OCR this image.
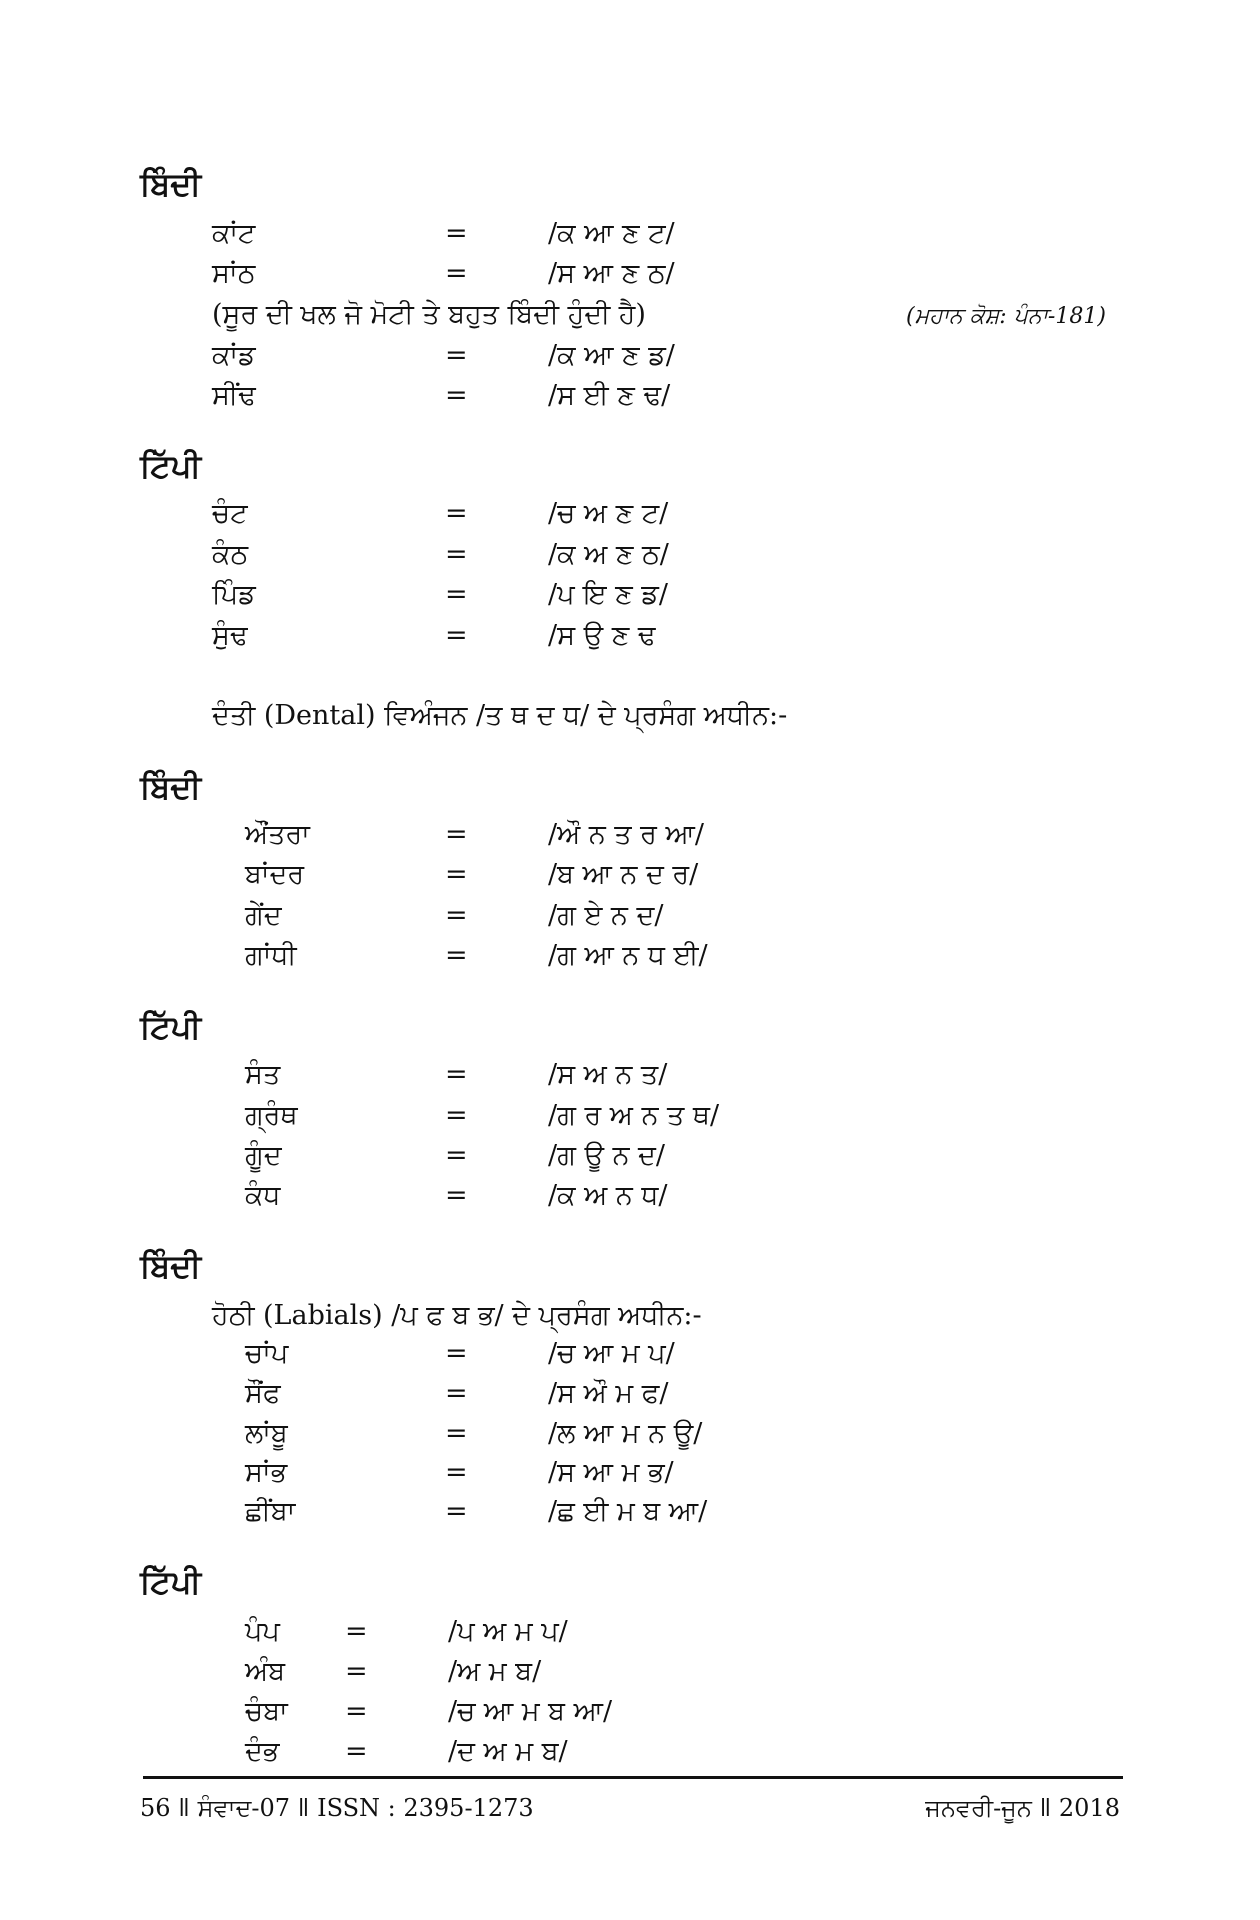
ਬਿੰਦੀ
ਕਾਂਟ	=	/ਕ ਆ ਣ ਟ/
ਸਾਂਠ	=	/ਸ ਆ ਣ ਠ/
(ਸੂਰ ਦੀ ਖਲ ਜੋ ਮੋਟੀ ਤੇ ਬਹੁਤ ਬਿੰਦੀ ਹੁੰਦੀ ਹੈ)	(ਮਹਾਨ ਕੋਸ਼: ਪੰਨਾ-181)
ਕਾਂਡ	=	/ਕ ਆ ਣ ਡ/
ਸੀਂਢ	=	/ਸ ਈ ਣ ਢ/
ਟਿੱਪੀ
ਚੰਟ	=	/ਚ ਅ ਣ ਟ/
ਕੰਠ	=	/ਕ ਅ ਣ ਠ/
ਪਿੰਡ	=	/ਪ ਇ ਣ ਡ/
ਸੁੰਢ	=	/ਸ ਉ ਣ ਢ
ਦੰਤੀ (Dental) ਵਿਅੰਜਨ /ਤ ਥ ਦ ਧ/ ਦੇ ਪ੍ਰਸੰਗ ਅਧੀਨ:-
ਬਿੰਦੀ
ਔਂਤਰਾ	=	/ਔ ਨ ਤ ਰ ਆ/
ਬਾਂਦਰ	=	/ਬ ਆ ਨ ਦ ਰ/
ਗੇਂਦ	=	/ਗ ਏ ਨ ਦ/
ਗਾਂਧੀ	=	/ਗ ਆ ਨ ਧ ਈ/
ਟਿੱਪੀ
ਸੰਤ	=	/ਸ ਅ ਨ ਤ/
ਗ੍ਰੰਥ	=	/ਗ ਰ ਅ ਨ ਤ ਥ/
ਗੂੰਦ	=	/ਗ ਊ ਨ ਦ/
ਕੰਧ	=	/ਕ ਅ ਨ ਧ/
ਬਿੰਦੀ
ਹੋਠੀ (Labials) /ਪ ਫ ਬ ਭ/ ਦੇ ਪ੍ਰਸੰਗ ਅਧੀਨ:-
ਚਾਂਪ	=	/ਚ ਆ ਮ ਪ/
ਸੌਂਫ	=	/ਸ ਔ ਮ ਫ/
ਲਾਂਬੂ	=	/ਲ ਆ ਮ ਨ ਊ/
ਸਾਂਭ	=	/ਸ ਆ ਮ ਭ/
ਛੀਂਬਾ	=	/ਛ ਈ ਮ ਬ ਆ/
ਟਿੱਪੀ
ਪੰਪ =	/ਪ ਅ ਮ ਪ/
ਅੰਬ =	/ਅ ਮ ਬ/
ਚੰਬਾ =	/ਚ ਆ ਮ ਬ ਆ/
ਦੰਭ =	/ਦ ਅ ਮ ਬ/
56 ǁ ਸੰਵਾਦ-07 ǁ ISSN : 2395-1273	ਜਨਵਰੀ-ਜੂਨ ǁ 2018
